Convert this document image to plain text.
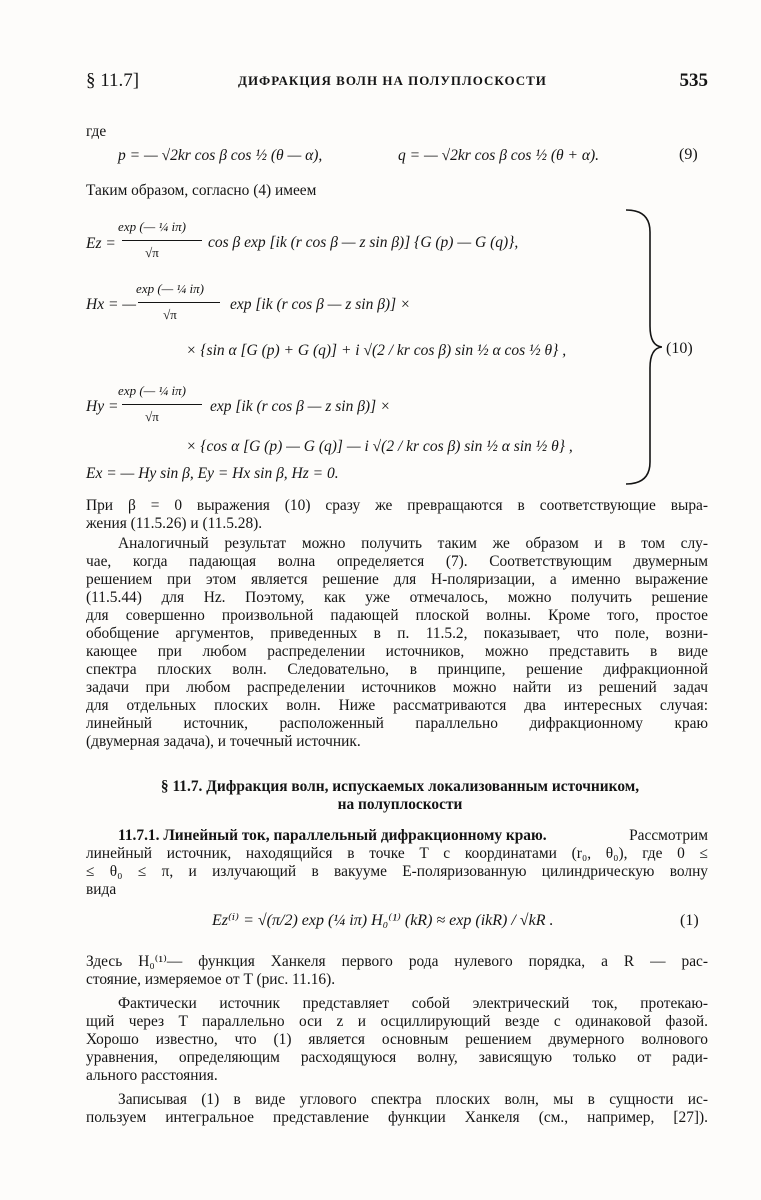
§ 11.7]	ДИФРАКЦИЯ ВОЛН НА ПОЛУПЛОСКОСТИ	535
где
p = — √2kr cos β cos ½ (θ — α),	q = — √2kr cos β cos ½ (θ + α).	(9)
Таким образом, согласно (4) имеем
Ez =
exp (— ¼ iπ)
√π
cos β exp [ik (r cos β — z sin β)] {G (p) — G (q)},
Hx = —
exp (— ¼ iπ)
√π
exp [ik (r cos β — z sin β)] ×
× {sin α [G (p) + G (q)] + i √(2 / kr cos β) sin ½ α cos ½ θ} ,
Hy =
exp (— ¼ iπ)
√π
exp [ik (r cos β — z sin β)] ×
× {cos α [G (p) — G (q)] — i √(2 / kr cos β) sin ½ α sin ½ θ} ,
Ex = — Hy sin β, Ey = Hx sin β, Hz = 0.
(10)
При β = 0 выражения (10) сразу же превращаются в соответствующие выра-
жения (11.5.26) и (11.5.28).
Аналогичный результат можно получить таким же образом и в том слу-
чае, когда падающая волна определяется (7). Соответствующим двумерным
решением при этом является решение для H-поляризации, а именно выражение
(11.5.44) для Hz. Поэтому, как уже отмечалось, можно получить решение
для совершенно произвольной падающей плоской волны. Кроме того, простое
обобщение аргументов, приведенных в п. 11.5.2, показывает, что поле, возни-
кающее при любом распределении источников, можно представить в виде
спектра плоских волн. Следовательно, в принципе, решение дифракционной
задачи при любом распределении источников можно найти из решений задач
для отдельных плоских волн. Ниже рассматриваются два интересных случая:
линейный источник, расположенный параллельно дифракционному краю
(двумерная задача), и точечный источник.
§ 11.7. Дифракция волн, испускаемых локализованным источником,
на полуплоскости
11.7.1. Линейный ток, параллельный дифракционному краю.	Рассмотрим
линейный источник, находящийся в точке T с координатами (r₀, θ₀), где 0 ≤
≤ θ₀ ≤ π, и излучающий в вакууме E-поляризованную цилиндрическую волну
вида
Ez⁽ⁱ⁾ = √(π/2) exp (¼ iπ) H₀⁽¹⁾ (kR) ≈ exp (ikR) / √kR .	(1)
Здесь H₀⁽¹⁾— функция Ханкеля первого рода нулевого порядка, а R — рас-
стояние, измеряемое от T (рис. 11.16).
Фактически источник представляет собой электрический ток, протекаю-
щий через T параллельно оси z и осциллирующий везде с одинаковой фазой.
Хорошо известно, что (1) является основным решением двумерного волнового
уравнения, определяющим расходящуюся волну, зависящую только от ради-
ального расстояния.
Записывая (1) в виде углового спектра плоских волн, мы в сущности ис-
пользуем интегральное представление функции Ханкеля (см., например, [27]).
